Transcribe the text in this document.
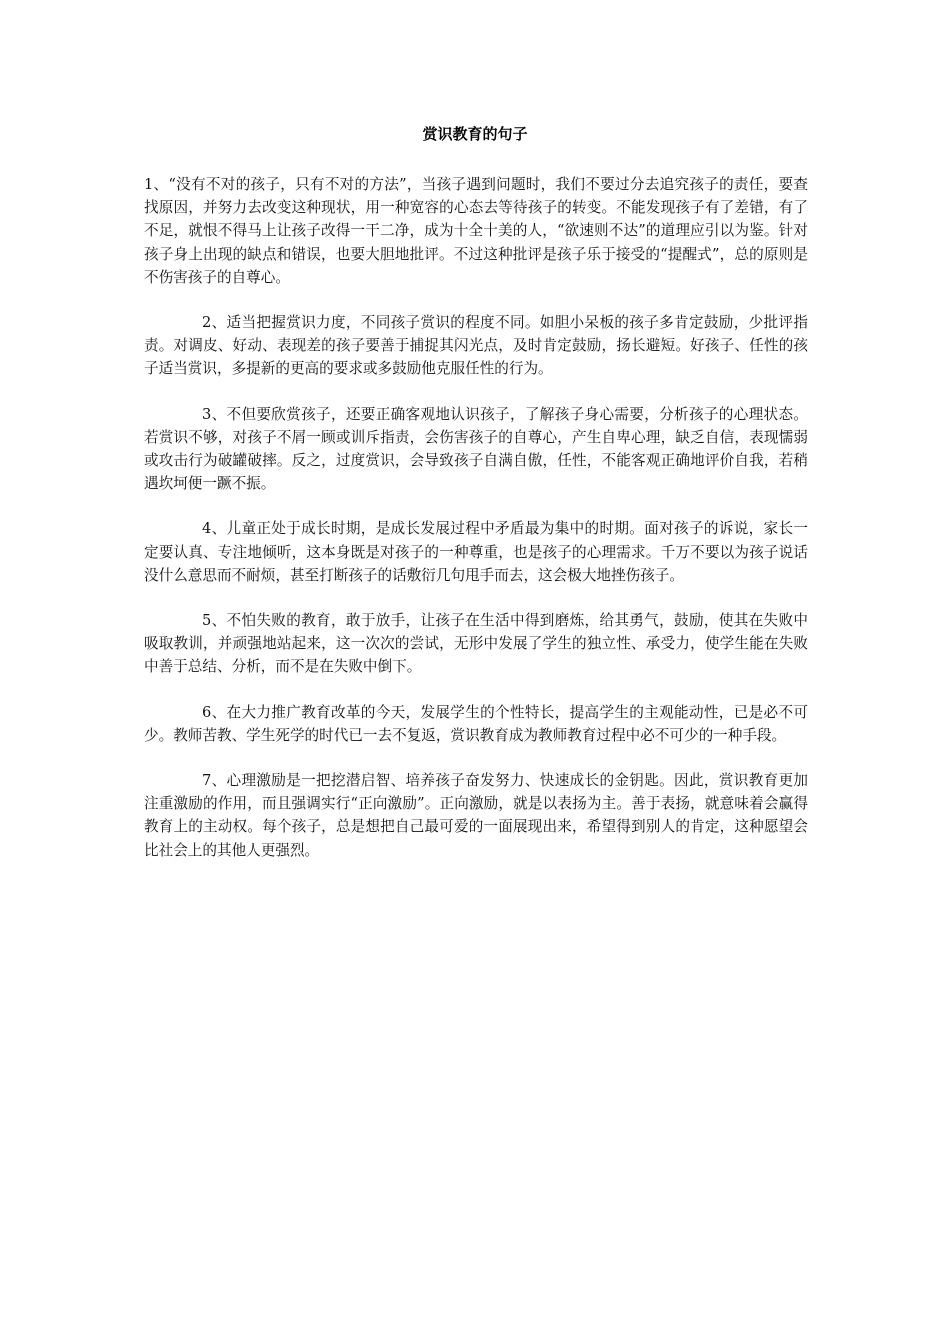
赏识教育的句子

1、“没有不对的孩子，只有不对的方法”，当孩子遇到问题时，我们不要过分去追究孩子的责任，要查找原因，并努力去改变这种现状，用一种宽容的心态去等待孩子的转变。不能发现孩子有了差错，有了不足，就恨不得马上让孩子改得一干二净，成为十全十美的人，“欲速则不达”的道理应引以为鉴。针对孩子身上出现的缺点和错误，也要大胆地批评。不过这种批评是孩子乐于接受的“提醒式”，总的原则是不伤害孩子的自尊心。

2、适当把握赏识力度，不同孩子赏识的程度不同。如胆小呆板的孩子多肯定鼓励，少批评指责。对调皮、好动、表现差的孩子要善于捕捉其闪光点，及时肯定鼓励，扬长避短。好孩子、任性的孩子适当赏识，多提新的更高的要求或多鼓励他克服任性的行为。

3、不但要欣赏孩子，还要正确客观地认识孩子，了解孩子身心需要，分析孩子的心理状态。若赏识不够，对孩子不屑一顾或训斥指责，会伤害孩子的自尊心，产生自卑心理，缺乏自信，表现懦弱或攻击行为破罐破摔。反之，过度赏识，会导致孩子自满自傲，任性，不能客观正确地评价自我，若稍遇坎坷便一蹶不振。

4、儿童正处于成长时期，是成长发展过程中矛盾最为集中的时期。面对孩子的诉说，家长一定要认真、专注地倾听，这本身既是对孩子的一种尊重，也是孩子的心理需求。千万不要以为孩子说话没什么意思而不耐烦，甚至打断孩子的话敷衍几句甩手而去，这会极大地挫伤孩子。

5、不怕失败的教育，敢于放手，让孩子在生活中得到磨炼，给其勇气，鼓励，使其在失败中吸取教训，并顽强地站起来，这一次次的尝试，无形中发展了学生的独立性、承受力，使学生能在失败中善于总结、分析，而不是在失败中倒下。

6、在大力推广教育改革的今天，发展学生的个性特长，提高学生的主观能动性，已是必不可少。教师苦教、学生死学的时代已一去不复返，赏识教育成为教师教育过程中必不可少的一种手段。

7、心理激励是一把挖潜启智、培养孩子奋发努力、快速成长的金钥匙。因此，赏识教育更加注重激励的作用，而且强调实行“正向激励”。正向激励，就是以表扬为主。善于表扬，就意味着会赢得教育上的主动权。每个孩子，总是想把自己最可爱的一面展现出来，希望得到别人的肯定，这种愿望会比社会上的其他人更强烈。
